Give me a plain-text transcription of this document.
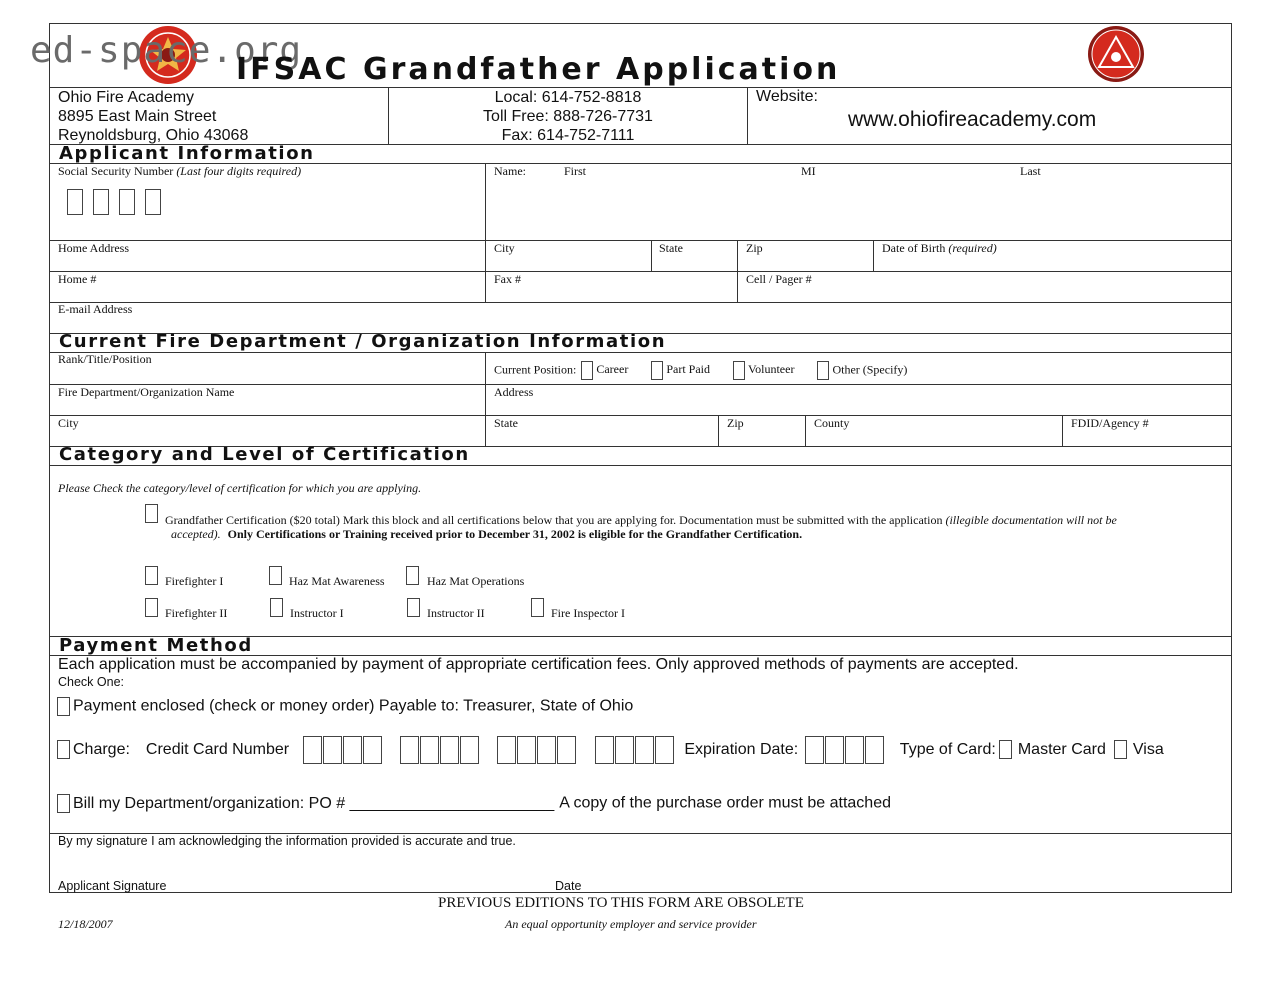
ed-space.org
IFSAC Grandfather Application
Ohio Fire Academy
8895 East Main Street
Reynoldsburg, Ohio 43068
Local: 614-752-8818
Toll Free: 888-726-7731
Fax: 614-752-7111
Website:
www.ohiofireacademy.com
Applicant Information
Social Security Number (Last four digits required)	Name:	First	MI	Last
Home Address	City	State	Zip	Date of Birth (required)
Home #	Fax #	Cell / Pager #
E-mail Address
Current Fire Department / Organization Information
Rank/Title/Position
Current Position: Career	Part Paid	Volunteer	Other (Specify)
Fire Department/Organization Name	Address
City	State	Zip	County	FDID/Agency #
Category and Level of Certification
Please Check the category/level of certification for which you are applying.
Grandfather Certification ($20 total) Mark this block and all certifications below that you are applying for. Documentation must be submitted with the application (illegible documentation will not be
accepted). Only Certifications or Training received prior to December 31, 2002 is eligible for the Grandfather Certification.
Firefighter I	Haz Mat Awareness	Haz Mat Operations
Firefighter II	Instructor I	Instructor II	Fire Inspector I
Payment Method
Each application must be accompanied by payment of appropriate certification fees. Only approved methods of payments are accepted.
Check One:
Payment enclosed (check or money order) Payable to: Treasurer, State of Ohio
Charge: Credit Card Number	Expiration Date:	Type of Card: Master Card Visa
Bill my Department/organization: PO # _______________________ A copy of the purchase order must be attached
By my signature I am acknowledging the information provided is accurate and true.
Applicant Signature	Date
PREVIOUS EDITIONS TO THIS FORM ARE OBSOLETE
12/18/2007	An equal opportunity employer and service provider
